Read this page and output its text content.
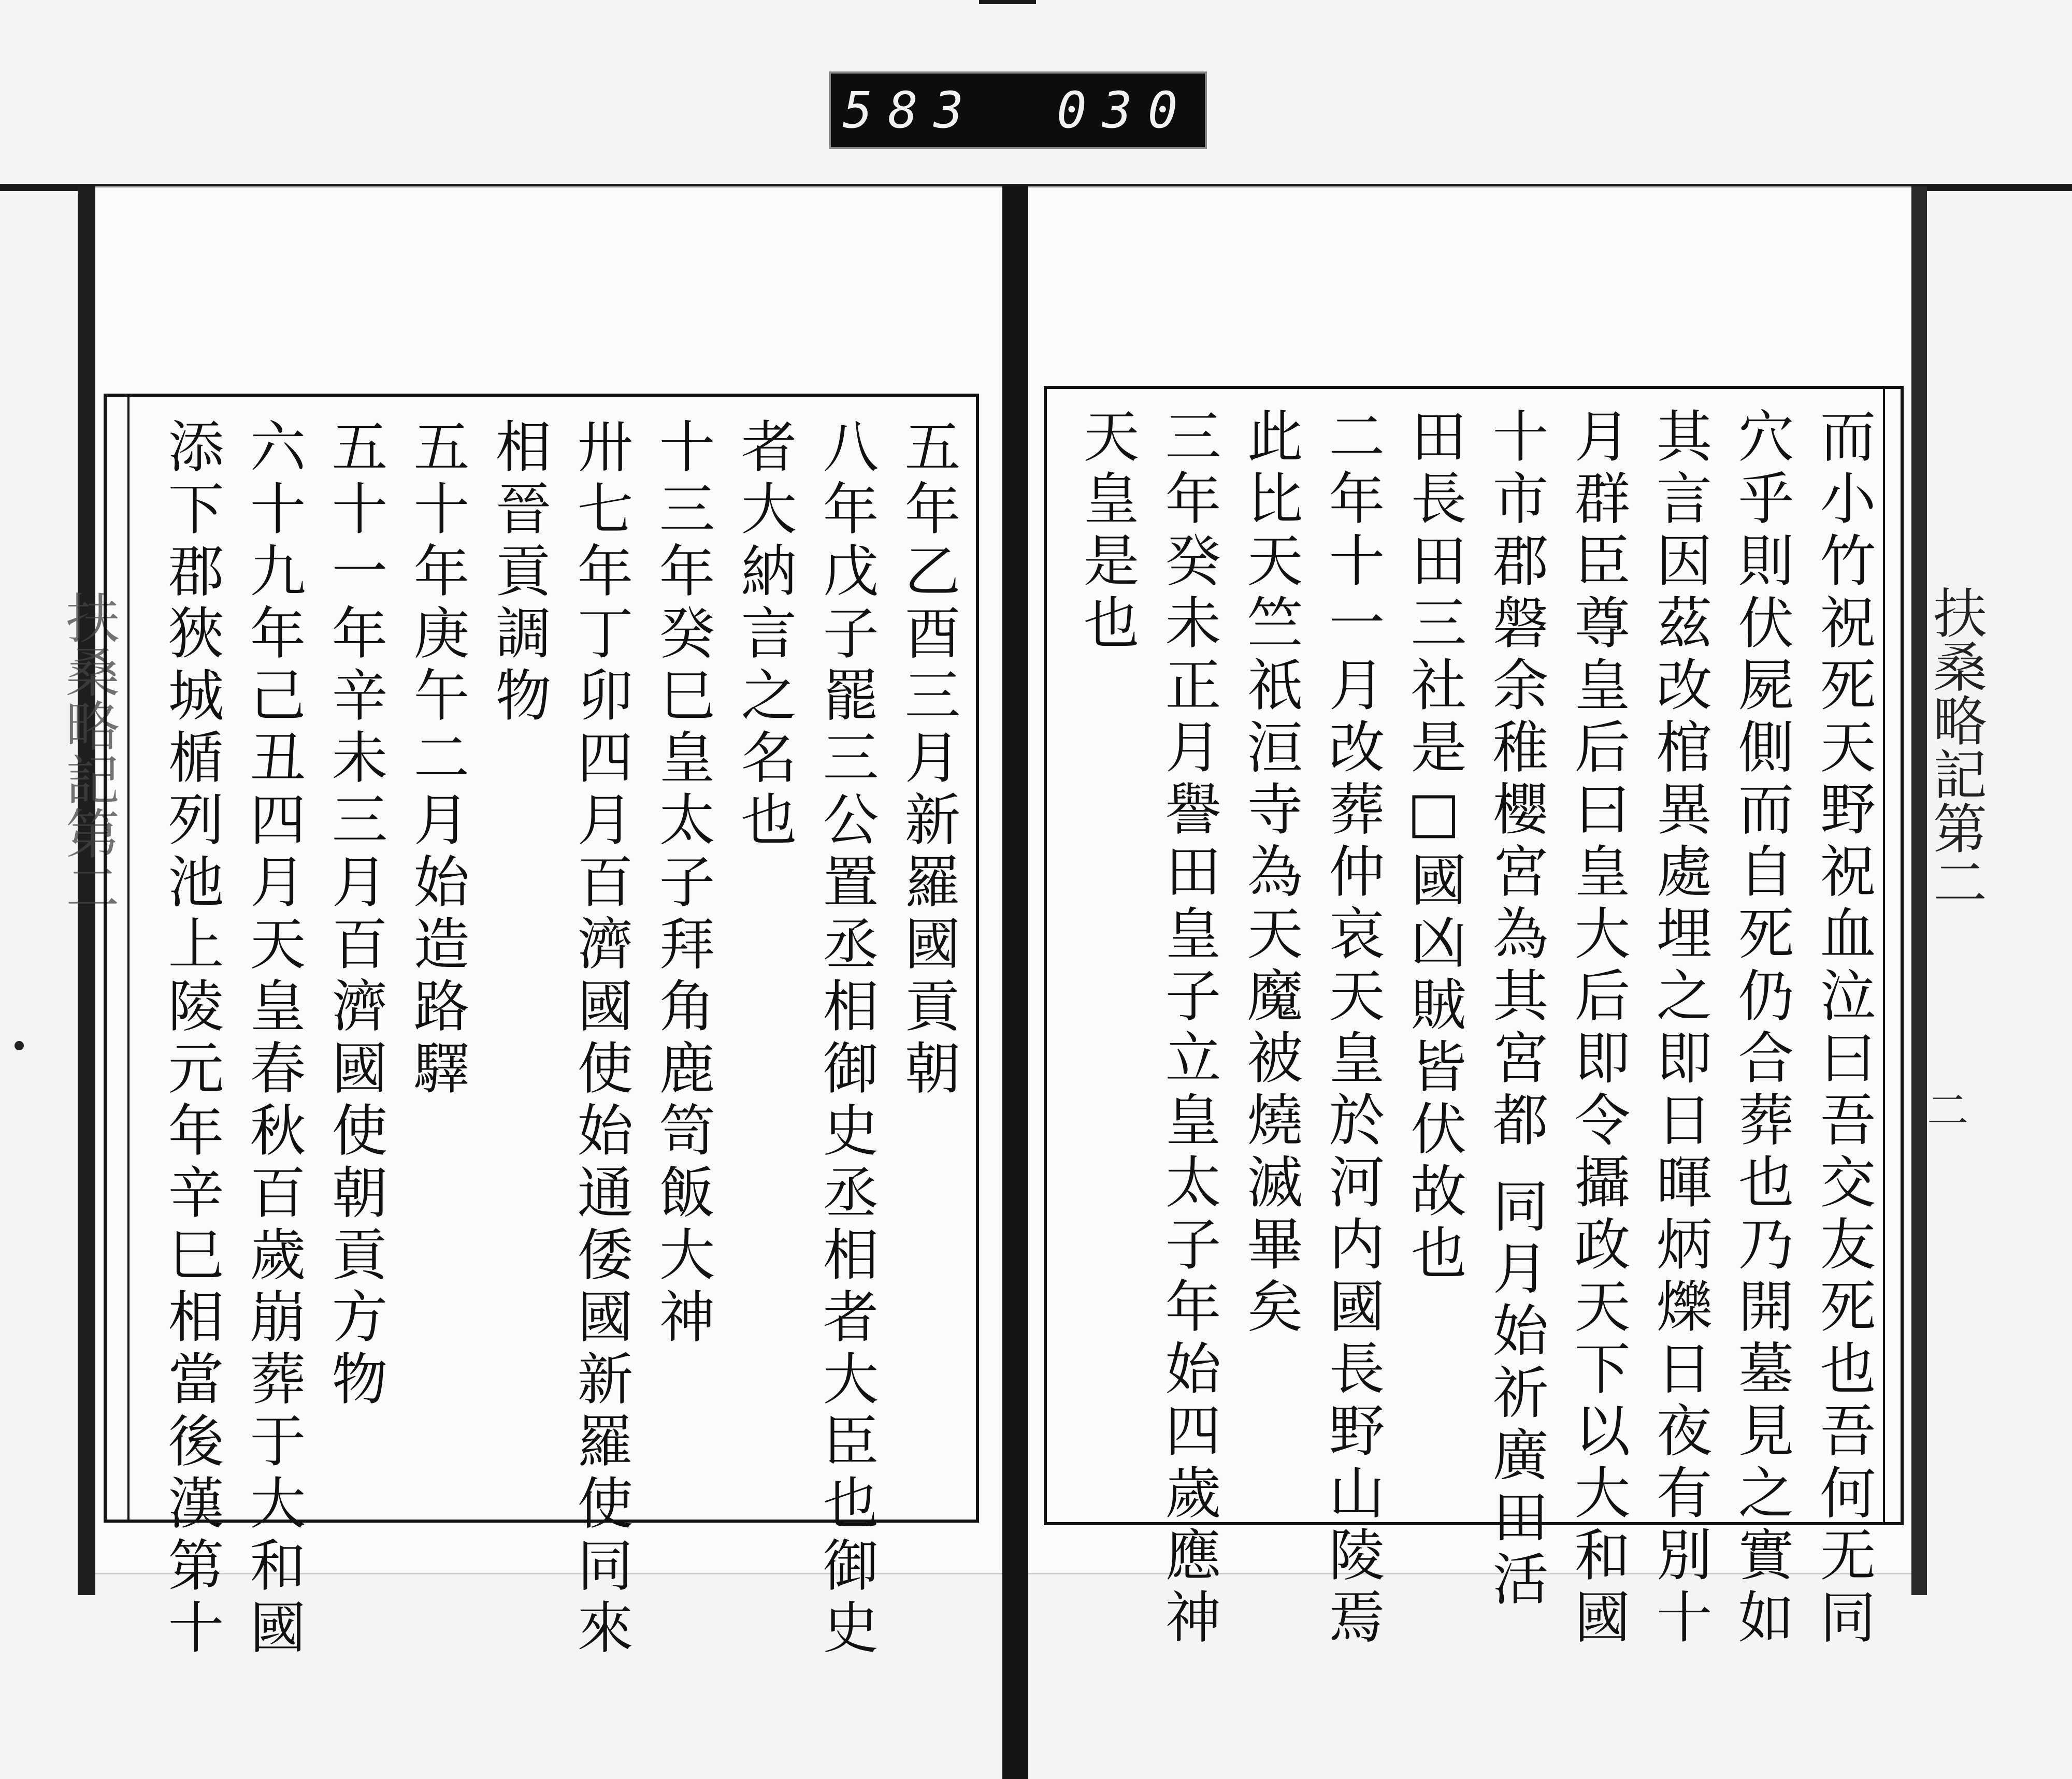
583 030
扶桑略記第二	而小竹祝死天野祝血泣曰吾交友死也吾何无同
穴乎則伏屍側而自死仍合葬也乃開墓見之實如
其言因茲改棺異處埋之即日暉炳爍日夜有別十
月群臣尊皇后曰皇大后即令攝政天下以大和國
十市郡磐余稚櫻宮為其宮都 同月始祈廣田活
田長田三社是□國凶賊皆伏故也
二年十一月改葬仲哀天皇於河内國長野山陵焉
此比天竺祇洹寺為天魔被燒滅畢矣
三年癸未正月譽田皇子立皇太子年始四歲應神
天皇是也
扶桑略記第二
二
五年乙酉三月新羅國貢朝
八年戊子罷三公置丞相御史丞相者大臣也御史
者大納言之名也
十三年癸巳皇太子拜角鹿笥飯大神
卅七年丁卯四月百濟國使始通倭國新羅使同來
相晉貢調物
五十年庚午二月始造路驛
五十一年辛未三月百濟國使朝貢方物
六十九年己丑四月天皇春秋百歲崩葬于大和國
添下郡狹城楯列池上陵元年辛巳相當後漢第十
